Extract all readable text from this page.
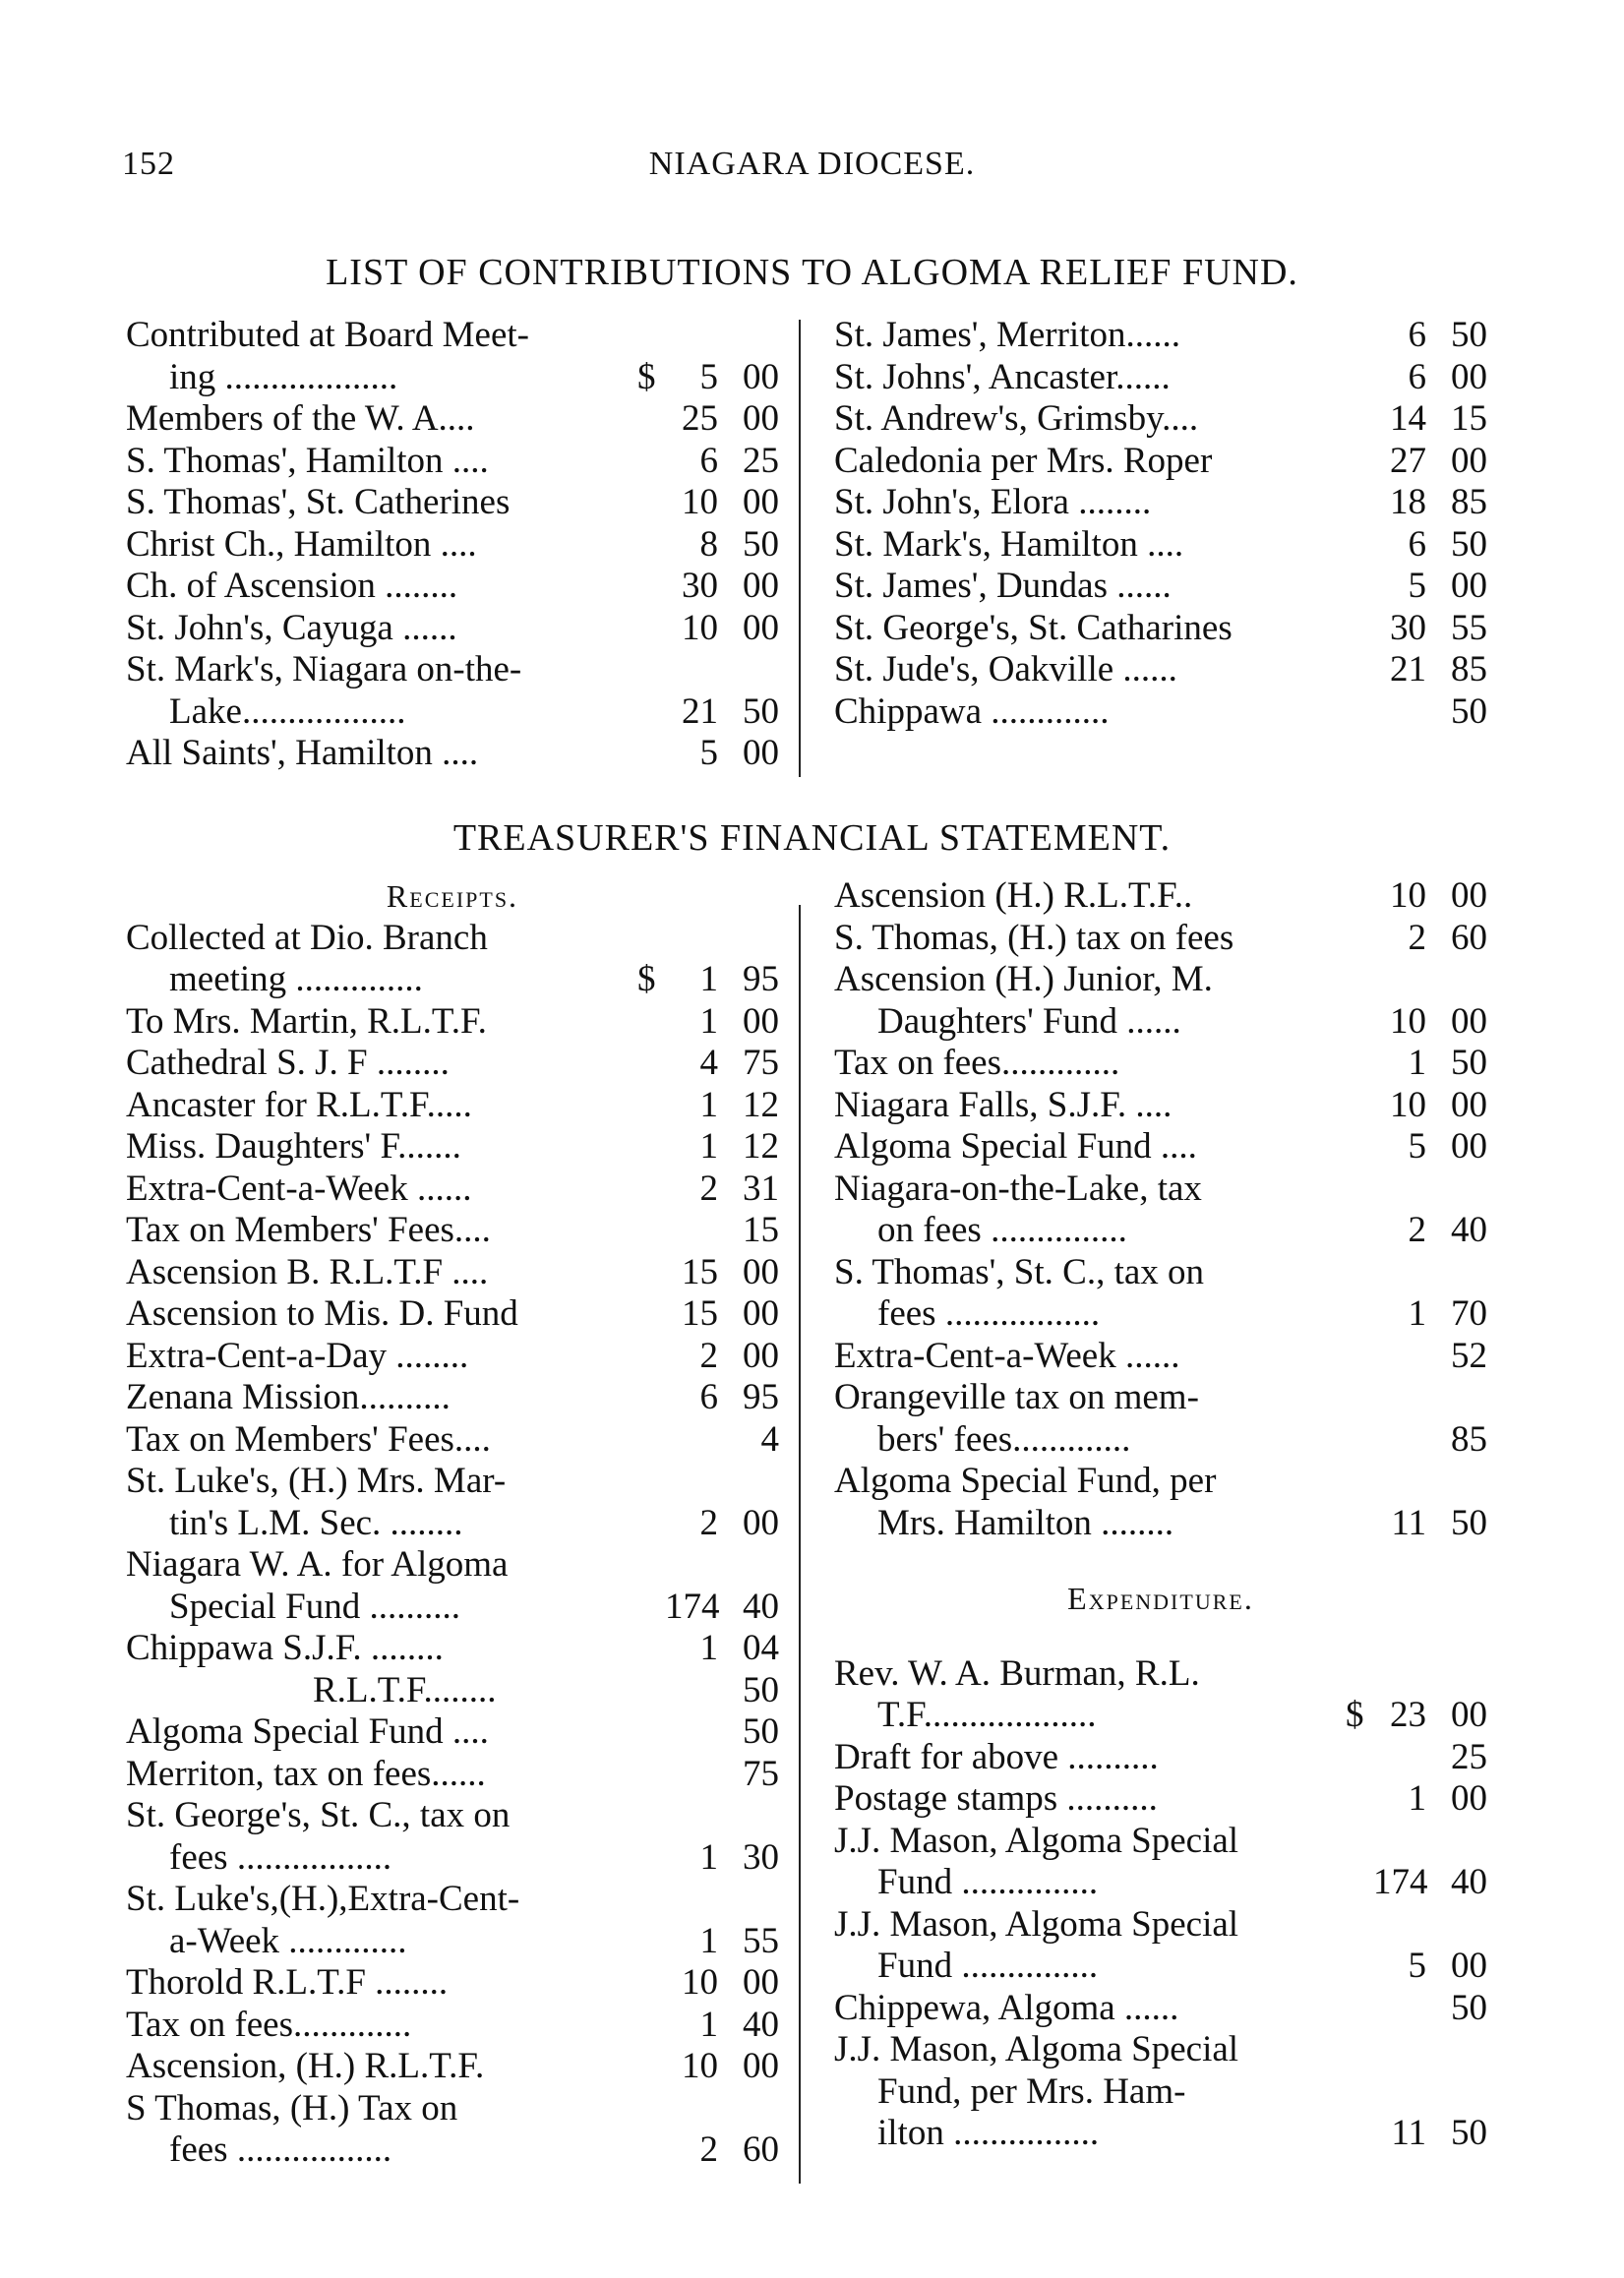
152	NIAGARA DIOCESE.
LIST OF CONTRIBUTIONS TO ALGOMA RELIEF FUND.
Contributed at Board Meet-
ing ...................	$	5 00
Members of the W. A....	25 00
S. Thomas', Hamilton ....	6 25
S. Thomas', St. Catherines	10 00
Christ Ch., Hamilton ....	8 50
Ch. of Ascension ........	30 00
St. John's, Cayuga ......	10 00
St. Mark's, Niagara on-the-
Lake..................	21 50
All Saints', Hamilton ....	5 00
St. James', Merriton......	6 50
St. Johns', Ancaster......	6 00
St. Andrew's, Grimsby....	14 15
Caledonia per Mrs. Roper	27 00
St. John's, Elora ........	18 85
St. Mark's, Hamilton ....	6 50
St. James', Dundas ......	5 00
St. George's, St. Catharines	30 55
St. Jude's, Oakville ......	21 85
Chippawa .............	50
TREASURER'S FINANCIAL STATEMENT.
Receipts.
Collected at Dio. Branch
meeting ..............	$	1 95
To Mrs. Martin, R.L.T.F.	1 00
Cathedral S. J. F ........	4 75
Ancaster for R.L.T.F.....	1 12
Miss. Daughters' F.......	1 12
Extra-Cent-a-Week ......	2 31
Tax on Members' Fees....	15
Ascension B. R.L.T.F ....	15 00
Ascension to Mis. D. Fund	15 00
Extra-Cent-a-Day ........	2 00
Zenana Mission..........	6 95
Tax on Members' Fees....	4
St. Luke's, (H.) Mrs. Mar-
tin's L.M. Sec. ........	2 00
Niagara W. A. for Algoma
Special Fund ..........	174 40
Chippawa S.J.F. ........	1 04
R.L.T.F........	50
Algoma Special Fund ....	50
Merriton, tax on fees......	75
St. George's, St. C., tax on
fees .................	1 30
St. Luke's,(H.),Extra-Cent-
a-Week .............	1 55
Thorold R.L.T.F ........	10 00
Tax on fees.............	1 40
Ascension, (H.) R.L.T.F.	10 00
S Thomas, (H.) Tax on
fees .................	2 60
Ascension (H.) R.L.T.F..	10 00
S. Thomas, (H.) tax on fees	2 60
Ascension (H.) Junior, M.
Daughters' Fund ......	10 00
Tax on fees.............	1 50
Niagara Falls, S.J.F. ....	10 00
Algoma Special Fund ....	5 00
Niagara-on-the-Lake, tax
on fees ...............	2 40
S. Thomas', St. C., tax on
fees .................	1 70
Extra-Cent-a-Week ......	52
Orangeville tax on mem-
bers' fees.............	85
Algoma Special Fund, per
Mrs. Hamilton ........	11 50
Expenditure.
Rev. W. A. Burman, R.L.
T.F...................	$ 23 00
Draft for above ..........	25
Postage stamps ..........	1 00
J.J. Mason, Algoma Special
Fund ...............	174 40
J.J. Mason, Algoma Special
Fund ...............	5 00
Chippewa, Algoma ......	50
J.J. Mason, Algoma Special
Fund, per Mrs. Ham-
ilton ................	11 50
